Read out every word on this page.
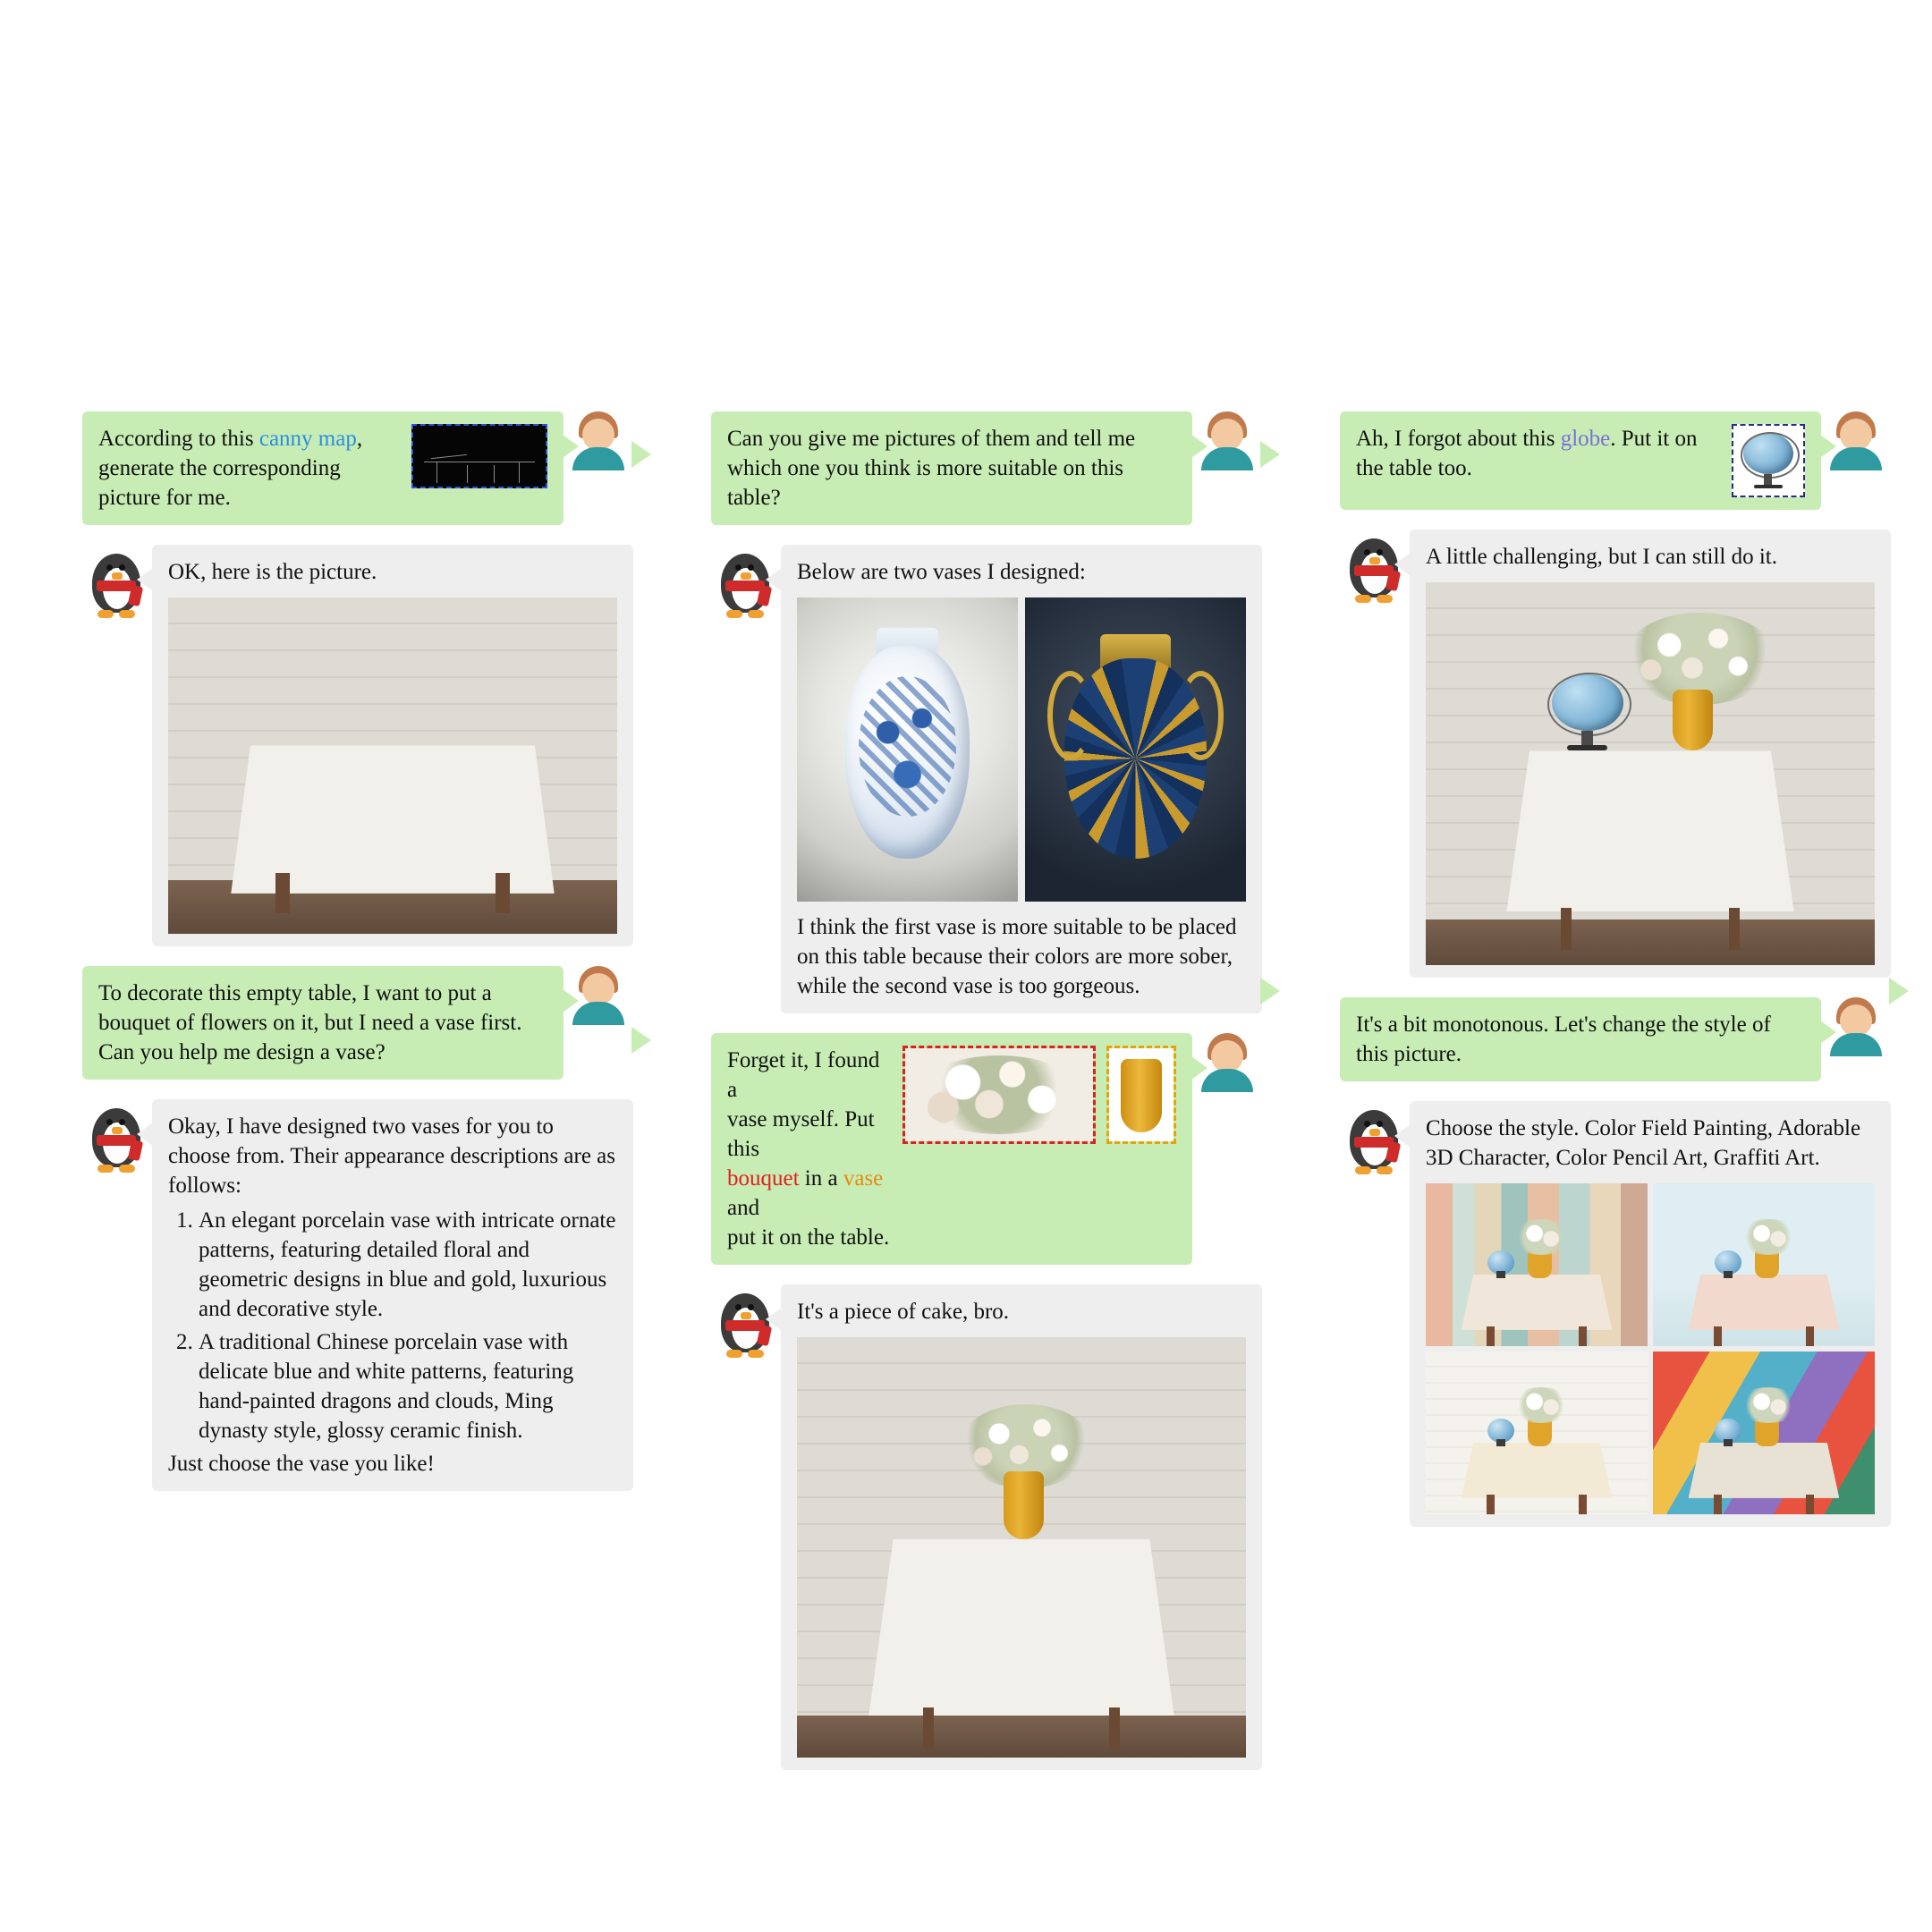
According to this canny map, generate the corresponding picture for me.
OK, here is the picture.
To decorate this empty table, I want to put a bouquet of flowers on it, but I need a vase first. Can you help me design a vase?
Okay, I have designed two vases for you to choose from. Their appearance descriptions are as follows:
1. An elegant porcelain vase with intricate ornate patterns, featuring detailed floral and geometric designs in blue and gold, luxurious and decorative style.
2. A traditional Chinese porcelain vase with delicate blue and white patterns, featuring hand-painted dragons and clouds, Ming dynasty style, glossy ceramic finish.
Just choose the vase you like!
Can you give me pictures of them and tell me which one you think is more suitable on this table?
Below are two vases I designed:
I think the first vase is more suitable to be placed on this table because their colors are more sober, while the second vase is too gorgeous.
Forget it, I found a
vase myself. Put this
bouquet in a vase and
put it on the table.
It's a piece of cake, bro.
Ah, I forgot about this globe. Put it on the table too.
A little challenging, but I can still do it.
It's a bit monotonous. Let's change the style of this picture.
Choose the style. Color Field Painting, Adorable 3D Character, Color Pencil Art, Graffiti Art.
